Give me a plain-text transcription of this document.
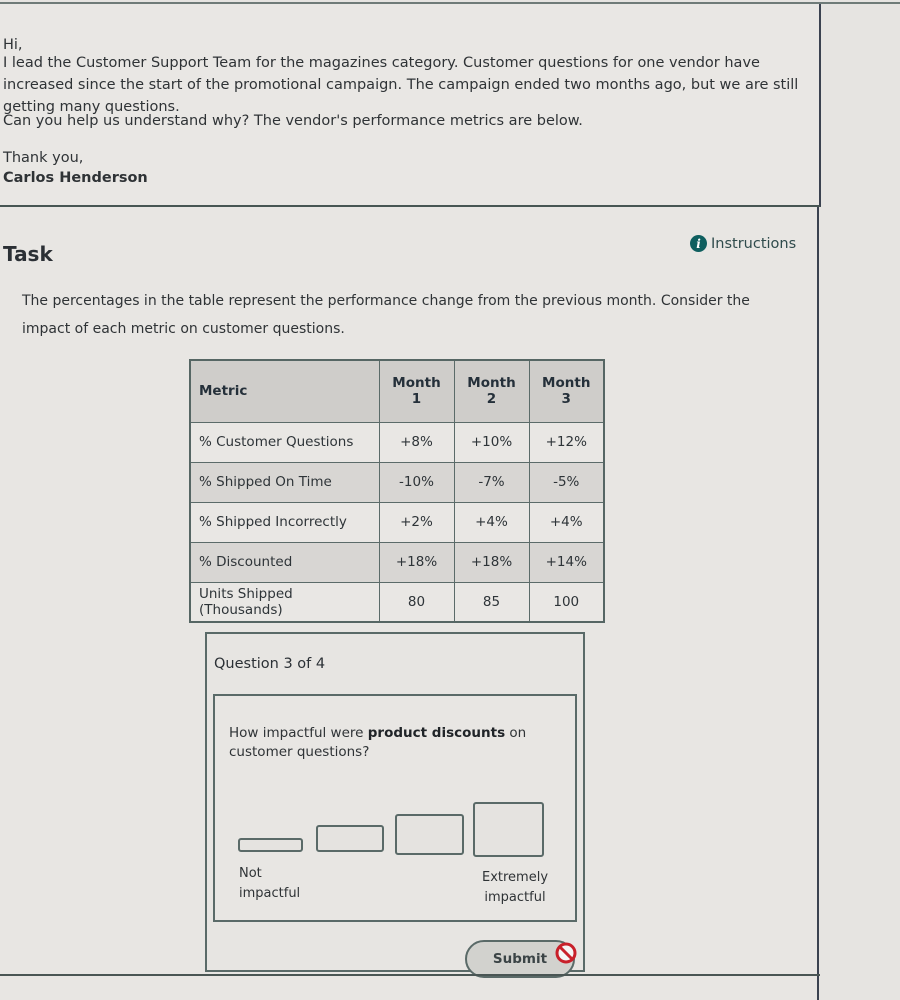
Hi,

I lead the Customer Support Team for the magazines category. Customer questions for one vendor have increased since the start of the promotional campaign. The campaign ended two months ago, but we are still getting many questions.

Can you help us understand why? The vendor's performance metrics are below.

Thank you,

Carlos Henderson

Task	i Instructions

The percentages in the table represent the performance change from the previous month. Consider the impact of each metric on customer questions.

Metric	Month 1	Month 2	Month 3
% Customer Questions	+8%	+10%	+12%
% Shipped On Time	-10%	-7%	-5%
% Shipped Incorrectly	+2%	+4%	+4%
% Discounted	+18%	+18%	+14%
Units Shipped (Thousands)	80	85	100
Question 3 of 4

How impactful were product discounts on customer questions?

Not impactful
Extremely impactful
Submit
